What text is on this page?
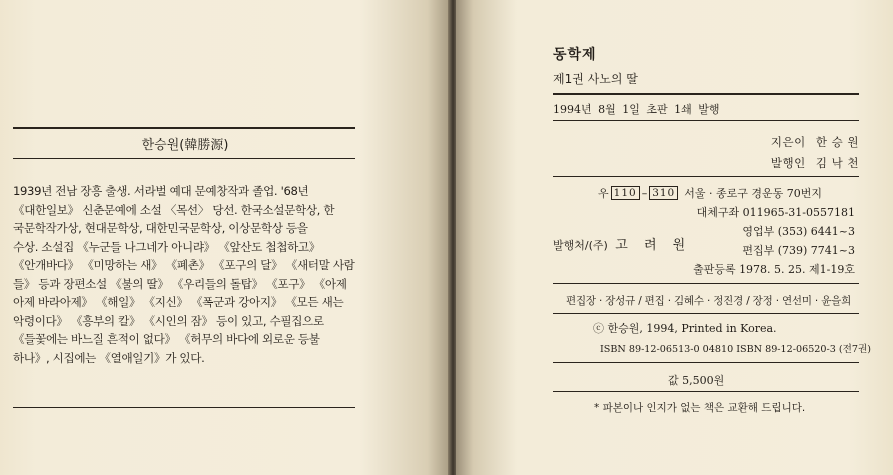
한승원(韓勝源)
1939년 전남 장흥 출생. 서라벌 예대 문예창작과 졸업. '68년
《대한일보》 신춘문예에 소설 〈목선〉 당선. 한국소설문학상, 한
국문학작가상, 현대문학상, 대한민국문학상, 이상문학상 등을
수상. 소설집 《누군들 나그네가 아니랴》 《앞산도 첩첩하고》
《안개바다》 《미망하는 새》 《폐촌》 《포구의 달》 《새터말 사람
들》 등과 장편소설 《불의 딸》 《우리들의 돌탑》 《포구》 《아제
아제 바라아제》 《해일》 《지신》 《폭군과 강아지》 《모든 새는
악령이다》 《흥부의 칼》 《시인의 잠》 등이 있고, 수필집으로
《들꽃에는 바느질 흔적이 없다》 《허무의 바다에 외로운 등불
하나》, 시집에는 《열애일기》가 있다.
동학제
제1권 사노의 딸
1994년 8월 1일 초판 1쇄 발행
지은이 한 승 원
발행인 김 낙 천
우 110 – 310 서울 · 종로구 경운동 70번지
대체구좌 011965-31-0557181
영업부 (353) 6441~3
발행처/(주) 고 려 원	편집부 (739) 7741~3
출판등록 1978. 5. 25. 제1-19호
편집장 · 장성규 / 편집 · 김혜수 · 정진경 / 장정 · 연선미 · 윤을희
ⓒ 한승원, 1994, Printed in Korea.
ISBN 89-12-06513-0 04810 ISBN 89-12-06520-3 (전7권)
값 5,500원
* 파본이나 인지가 없는 책은 교환해 드립니다.
